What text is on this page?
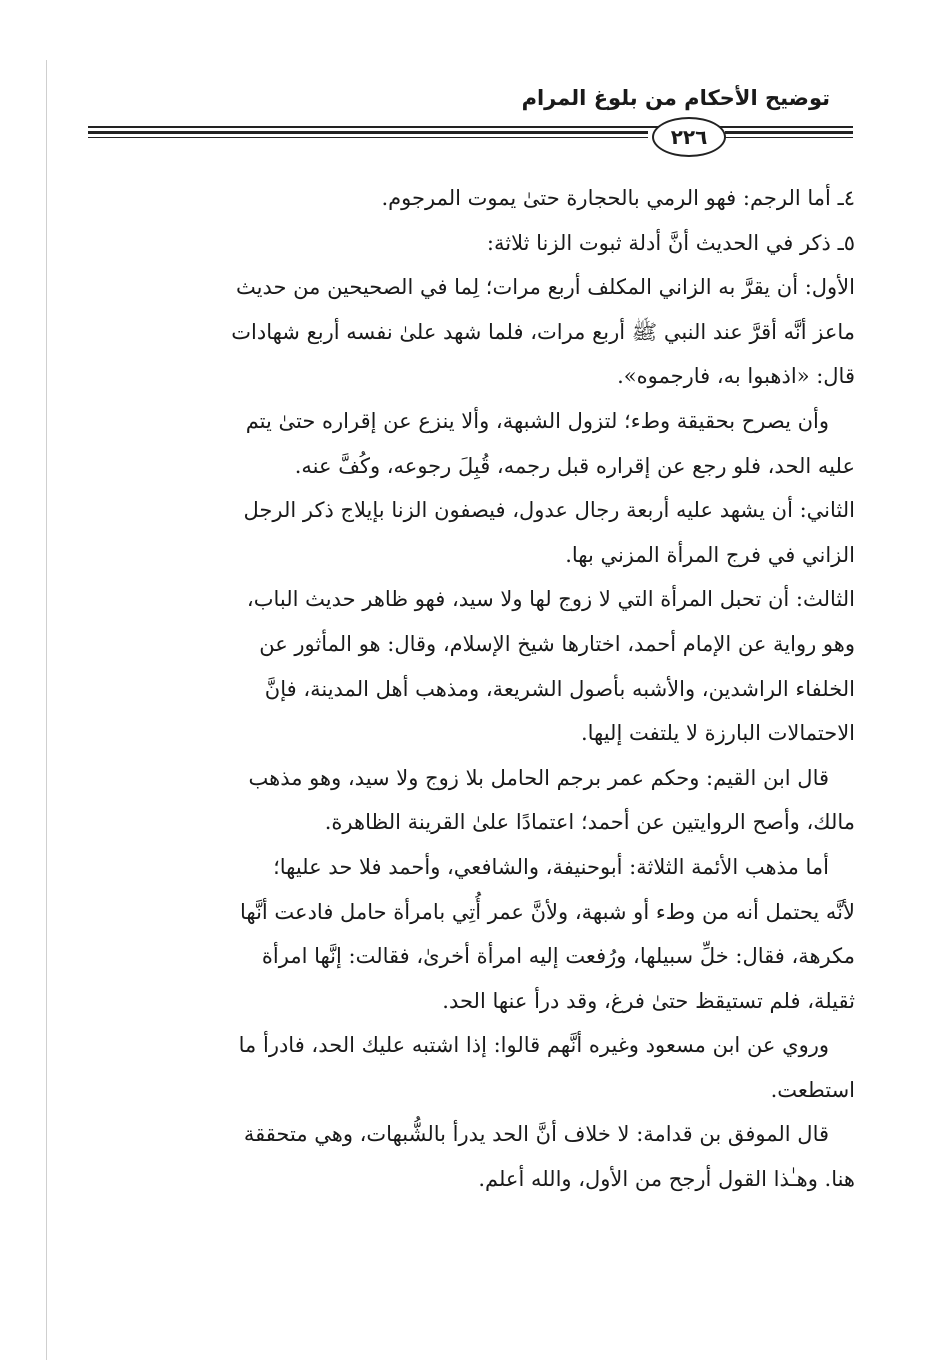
توضيح الأحكام من بلوغ المرام
٢٢٦
٤ـ أما الرجم: فهو الرمي بالحجارة حتىٰ يموت المرجوم.
٥ـ ذكر في الحديث أنَّ أدلة ثبوت الزنا ثلاثة:
الأول: أن يقرَّ به الزاني المكلف أربع مرات؛ لِما في الصحيحين من حديث
ماعز أنَّه أقرَّ عند النبي ﷺ أربع مرات، فلما شهد علىٰ نفسه أربع شهادات
قال: «اذهبوا به، فارجموه».
وأن يصرح بحقيقة وطء؛ لتزول الشبهة، وألا ينزع عن إقراره حتىٰ يتم
عليه الحد، فلو رجع عن إقراره قبل رجمه، قُبِلَ رجوعه، وكُفَّ عنه.
الثاني: أن يشهد عليه أربعة رجال عدول، فيصفون الزنا بإيلاج ذكر الرجل
الزاني في فرج المرأة المزني بها.
الثالث: أن تحبل المرأة التي لا زوج لها ولا سيد، فهو ظاهر حديث الباب،
وهو رواية عن الإمام أحمد، اختارها شيخ الإسلام، وقال: هو المأثور عن
الخلفاء الراشدين، والأشبه بأصول الشريعة، ومذهب أهل المدينة، فإنَّ
الاحتمالات البارزة لا يلتفت إليها.
قال ابن القيم: وحكم عمر برجم الحامل بلا زوج ولا سيد، وهو مذهب
مالك، وأصح الروايتين عن أحمد؛ اعتمادًا علىٰ القرينة الظاهرة.
أما مذهب الأئمة الثلاثة: أبوحنيفة، والشافعي، وأحمد فلا حد عليها؛
لأنَّه يحتمل أنه من وطء أو شبهة، ولأنَّ عمر أُتِي بامرأة حامل فادعت أنَّها
مكرهة، فقال: خلِّ سبيلها، ورُفعت إليه امرأة أخرىٰ، فقالت: إنَّها امرأة
ثقيلة، فلم تستيقظ حتىٰ فرغ، وقد درأ عنها الحد.
وروي عن ابن مسعود وغيره أنَّهم قالوا: إذا اشتبه عليك الحد، فادرأ ما
استطعت.
قال الموفق بن قدامة: لا خلاف أنَّ الحد يدرأ بالشُّبهات، وهي متحققة
هنا. وهـٰذا القول أرجح من الأول، والله أعلم.
